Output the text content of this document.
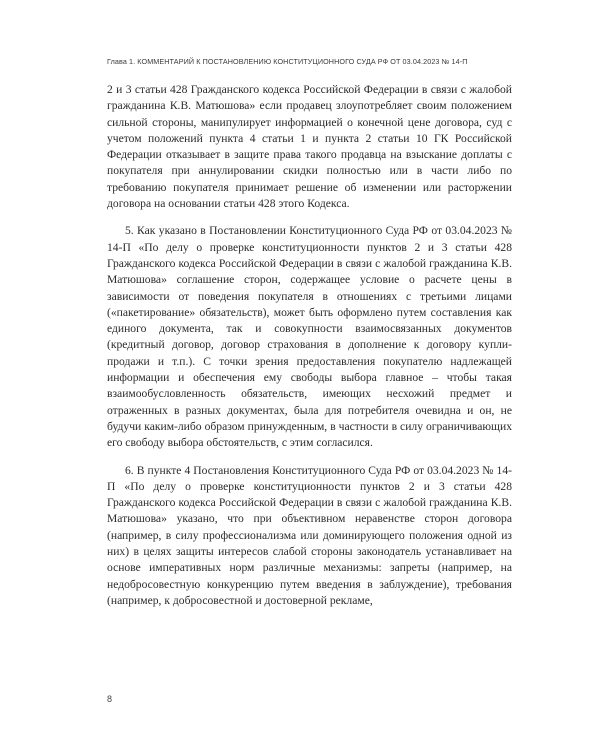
Глава 1. КОММЕНТАРИЙ К ПОСТАНОВЛЕНИЮ КОНСТИТУЦИОННОГО СУДА РФ ОТ 03.04.2023 № 14-П

2 и 3 статьи 428 Гражданского кодекса Российской Федерации в связи с жалобой гражданина К.В. Матюшова» если продавец злоупотребляет своим положением сильной стороны, манипулирует информацией о конечной цене договора, суд с учетом положений пункта 4 статьи 1 и пункта 2 статьи 10 ГК Российской Федерации отказывает в защите права такого продавца на взыскание доплаты с покупателя при аннулировании скидки полностью или в части либо по требованию покупателя принимает решение об изменении или расторжении договора на основании статьи 428 этого Кодекса.

5. Как указано в Постановлении Конституционного Суда РФ от 03.04.2023 № 14-П «По делу о проверке конституционности пунктов 2 и 3 статьи 428 Гражданского кодекса Российской Федерации в связи с жалобой гражданина К.В. Матюшова» соглашение сторон, содержащее условие о расчете цены в зависимости от поведения покупателя в отношениях с третьими лицами («пакетирование» обязательств), может быть оформлено путем составления как единого документа, так и совокупности взаимосвязанных документов (кредитный договор, договор страхования в дополнение к договору купли-продажи и т.п.). С точки зрения предоставления покупателю надлежащей информации и обеспечения ему свободы выбора главное – чтобы такая взаимообусловленность обязательств, имеющих несхожий предмет и отраженных в разных документах, была для потребителя очевидна и он, не будучи каким-либо образом принужденным, в частности в силу ограничивающих его свободу выбора обстоятельств, с этим согласился.

6. В пункте 4 Постановления Конституционного Суда РФ от 03.04.2023 № 14-П «По делу о проверке конституционности пунктов 2 и 3 статьи 428 Гражданского кодекса Российской Федерации в связи с жалобой гражданина К.В. Матюшова» указано, что при объективном неравенстве сторон договора (например, в силу профессионализма или доминирующего положения одной из них) в целях защиты интересов слабой стороны законодатель устанавливает на основе императивных норм различные механизмы: запреты (например, на недобросовестную конкуренцию путем введения в заблуждение), требования (например, к добросовестной и достоверной рекламе,

8
